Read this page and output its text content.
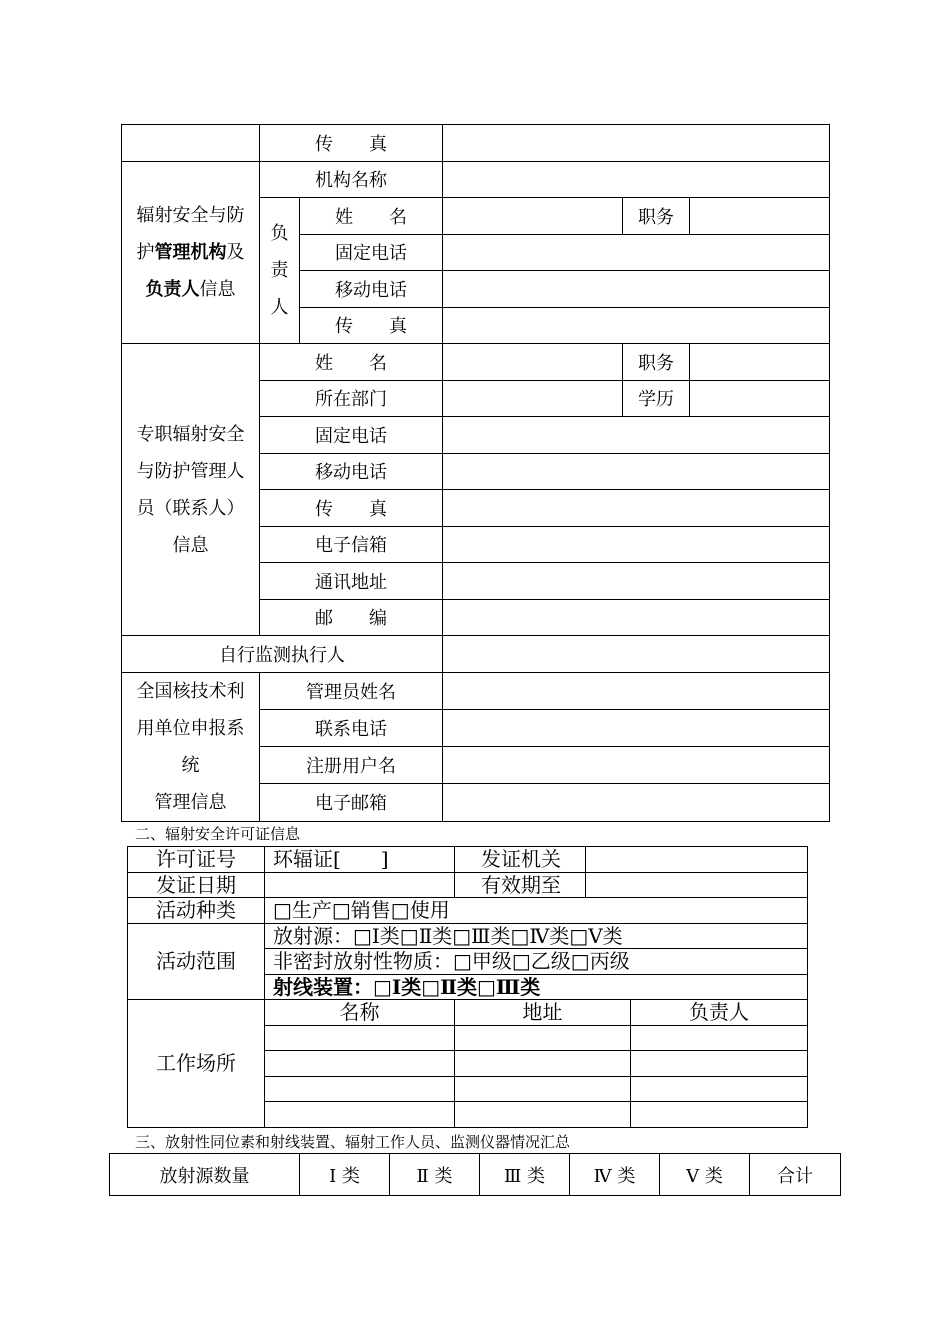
	传　　真				
辐射安全与防
护管理机构及
负责人信息	机构名称				
	负
责
人	姓　　名		职务	
		固定电话			
		移动电话			
		传　　真			
专职辐射安全
与防护管理人
员（联系人）
信息	姓　　名			职务	
	所在部门			学历	
	固定电话				
	移动电话				
	传　　真				
	电子信箱				
	通讯地址				
	邮　　编				
自行监测执行人					
全国核技术利
用单位申报系
统
管理信息	管理员姓名				
	联系电话				
	注册用户名				
	电子邮箱				
二、辐射安全许可证信息
许可证号	环辐证[　　]		发证机关	

发证日期			有效期至	

活动种类	□生产□销售□使用
活动范围	放射源：□Ⅰ类□Ⅱ类□Ⅲ类□Ⅳ类□Ⅴ类
非密封放射性物质：□甲级□乙级□丙级
射线装置：□Ⅰ类□Ⅱ类□Ⅲ类
工作场所	名称	地址	负责人

三、放射性同位素和射线装置、辐射工作人员、监测仪器情况汇总
放射源数量	Ⅰ 类	Ⅱ 类	Ⅲ 类	Ⅳ 类	Ⅴ 类	合计
